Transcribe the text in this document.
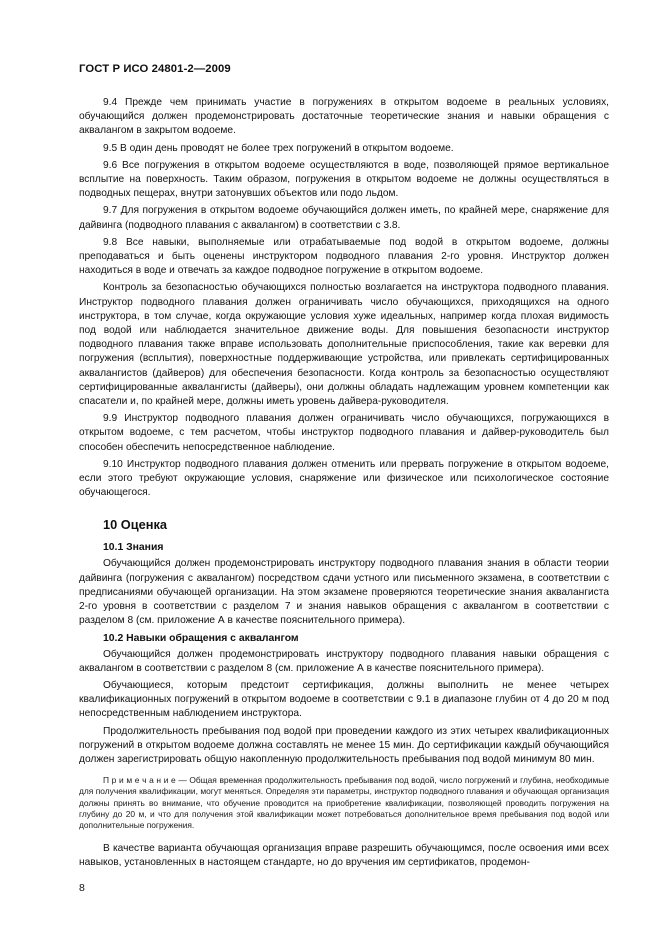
ГОСТ Р ИСО 24801-2—2009

9.4 Прежде чем принимать участие в погружениях в открытом водоеме в реальных условиях, обучающийся должен продемонстрировать достаточные теоретические знания и навыки обращения с аквалангом в закрытом водоеме.

9.5 В один день проводят не более трех погружений в открытом водоеме.

9.6 Все погружения в открытом водоеме осуществляются в воде, позволяющей прямое вертикальное всплытие на поверхность. Таким образом, погружения в открытом водоеме не должны осуществляться в подводных пещерах, внутри затонувших объектов или подо льдом.

9.7 Для погружения в открытом водоеме обучающийся должен иметь, по крайней мере, снаряжение для дайвинга (подводного плавания с аквалангом) в соответствии с 3.8.

9.8 Все навыки, выполняемые или отрабатываемые под водой в открытом водоеме, должны преподаваться и быть оценены инструктором подводного плавания 2-го уровня. Инструктор должен находиться в воде и отвечать за каждое подводное погружение в открытом водоеме.

Контроль за безопасностью обучающихся полностью возлагается на инструктора подводного плавания. Инструктор подводного плавания должен ограничивать число обучающихся, приходящихся на одного инструктора, в том случае, когда окружающие условия хуже идеальных, например когда плохая видимость под водой или наблюдается значительное движение воды. Для повышения безопасности инструктор подводного плавания также вправе использовать дополнительные приспособления, такие как веревки для погружения (всплытия), поверхностные поддерживающие устройства, или привлекать сертифицированных аквалангистов (дайверов) для обеспечения безопасности. Когда контроль за безопасностью осуществляют сертифицированные аквалангисты (дайверы), они должны обладать надлежащим уровнем компетенции как спасатели и, по крайней мере, должны иметь уровень дайвера-руководителя.

9.9 Инструктор подводного плавания должен ограничивать число обучающихся, погружающихся в открытом водоеме, с тем расчетом, чтобы инструктор подводного плавания и дайвер-руководитель был способен обеспечить непосредственное наблюдение.

9.10 Инструктор подводного плавания должен отменить или прервать погружение в открытом водоеме, если этого требуют окружающие условия, снаряжение или физическое или психологическое состояние обучающегося.

10 Оценка
10.1 Знания

Обучающийся должен продемонстрировать инструктору подводного плавания знания в области теории дайвинга (погружения с аквалангом) посредством сдачи устного или письменного экзамена, в соответствии с предписаниями обучающей организации. На этом экзамене проверяются теоретические знания аквалангиста 2-го уровня в соответствии с разделом 7 и знания навыков обращения с аквалангом в соответствии с разделом 8 (см. приложение А в качестве пояснительного примера).

10.2 Навыки обращения с аквалангом

Обучающийся должен продемонстрировать инструктору подводного плавания навыки обращения с аквалангом в соответствии с разделом 8 (см. приложение А в качестве пояснительного примера).

Обучающиеся, которым предстоит сертификация, должны выполнить не менее четырех квалификационных погружений в открытом водоеме в соответствии с 9.1 в диапазоне глубин от 4 до 20 м под непосредственным наблюдением инструктора.

Продолжительность пребывания под водой при проведении каждого из этих четырех квалификационных погружений в открытом водоеме должна составлять не менее 15 мин. До сертификации каждый обучающийся должен зарегистрировать общую накопленную продолжительность пребывания под водой минимум 80 мин.

П р и м е ч а н и е — Общая временная продолжительность пребывания под водой, число погружений и глубина, необходимые для получения квалификации, могут меняться. Определяя эти параметры, инструктор подводного плавания и обучающая организация должны принять во внимание, что обучение проводится на приобретение квалификации, позволяющей проводить погружения на глубину до 20 м, и что для получения этой квалификации может потребоваться дополнительное время пребывания под водой или дополнительные погружения.

В качестве варианта обучающая организация вправе разрешить обучающимся, после освоения ими всех навыков, установленных в настоящем стандарте, но до вручения им сертификатов, продемон-

8
